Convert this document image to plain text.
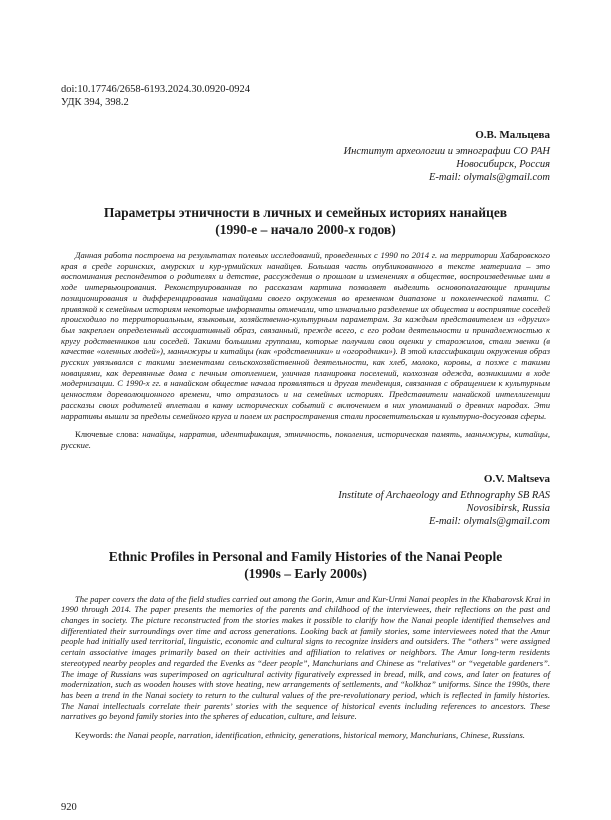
doi:10.17746/2658-6193.2024.30.0920-0924
УДК 394, 398.2
О.В. Мальцева
Институт археологии и этнографии СО РАН
Новосибирск, Россия
E-mail: olymals@gmail.com
Параметры этничности в личных и семейных историях нанайцев
(1990-е – начало 2000-х годов)
Данная работа построена на результатах полевых исследований, проведенных с 1990 по 2014 г. на территории Хабаровского края в среде горинских, амурских и кур-урмийских нанайцев. Большая часть опубликованного в тексте материала – это воспоминания респондентов о родителях и детстве, рассуждения о прошлом и изменениях в обществе, воспроизведенные ими в ходе интервьюирования. Реконструированная по рассказам картина позволяет выделить основополагающие принципы позиционирования и дифференцирования нанайцами своего окружения во временном диапазоне и поколенческой памяти. С привязкой к семейным историям некоторые информанты отмечали, что изначально разделение их общества и восприятие соседей происходило по территориальным, языковым, хозяйственно-культурным параметрам. За каждым представителем из «других» был закреплен определенный ассоциативный образ, связанный, прежде всего, с его родом деятельности и принадлежностью к кругу родственников или соседей. Такими большими группами, которые получили свои оценки у старожилов, стали эвенки (в качестве «оленных людей»), маньчжуры и китайцы (как «родственники» и «огородники»). В этой классификации окружения образ русских увязывался с такими элементами сельскохозяйственной деятельности, как хлеб, молоко, коровы, а позже с такими новациями, как деревянные дома с печным отоплением, уличная планировка поселений, колхозная одежда, возникшими в ходе модернизации. С 1990-х гг. в нанайском обществе начала проявляться и другая тенденция, связанная с обращением к культурным ценностям дореволюционного времени, что отразилось и на семейных историях. Представители нанайской интеллигенции рассказы своих родителей вплетали в канву исторических событий с включением в них упоминаний о древних народах. Эти нарративы вышли за пределы семейного круга и полем их распространения стали просветительская и культурно-досуговая сферы.
Ключевые слова: нанайцы, нарратив, идентификация, этничность, поколения, историческая память, маньчжуры, китайцы, русские.
O.V. Maltseva
Institute of Archaeology and Ethnography SB RAS
Novosibirsk, Russia
E-mail: olymals@gmail.com
Ethnic Profiles in Personal and Family Histories of the Nanai People
(1990s – Early 2000s)
The paper covers the data of the field studies carried out among the Gorin, Amur and Kur-Urmi Nanai peoples in the Khabarovsk Krai in 1990 through 2014. The paper presents the memories of the parents and childhood of the interviewees, their reflections on the past and changes in society. The picture reconstructed from the stories makes it possible to clarify how the Nanai people identified themselves and differentiated their surroundings over time and across generations. Looking back at family stories, some interviewees noted that the Amur people had initially used territorial, linguistic, economic and cultural signs to recognize insiders and outsiders. The “others” were assigned certain associative images primarily based on their activities and affiliation to relatives or neighbors. The Amur long-term residents stereotyped nearby peoples and regarded the Evenks as “deer people”, Manchurians and Chinese as “relatives” or “vegetable gardeners”. The image of Russians was superimposed on agricultural activity figuratively expressed in bread, milk, and cows, and later on features of modernization, such as wooden houses with stove heating, new arrangements of settlements, and “kolkhoz” uniforms. Since the 1990s, there has been a trend in the Nanai society to return to the cultural values of the pre-revolutionary period, which is reflected in family histories. The Nanai intellectuals correlate their parents’ stories with the sequence of historical events including references to ancestors. These narratives go beyond family stories into the spheres of education, culture, and leisure.
Keywords: the Nanai people, narration, identification, ethnicity, generations, historical memory, Manchurians, Chinese, Russians.
920
